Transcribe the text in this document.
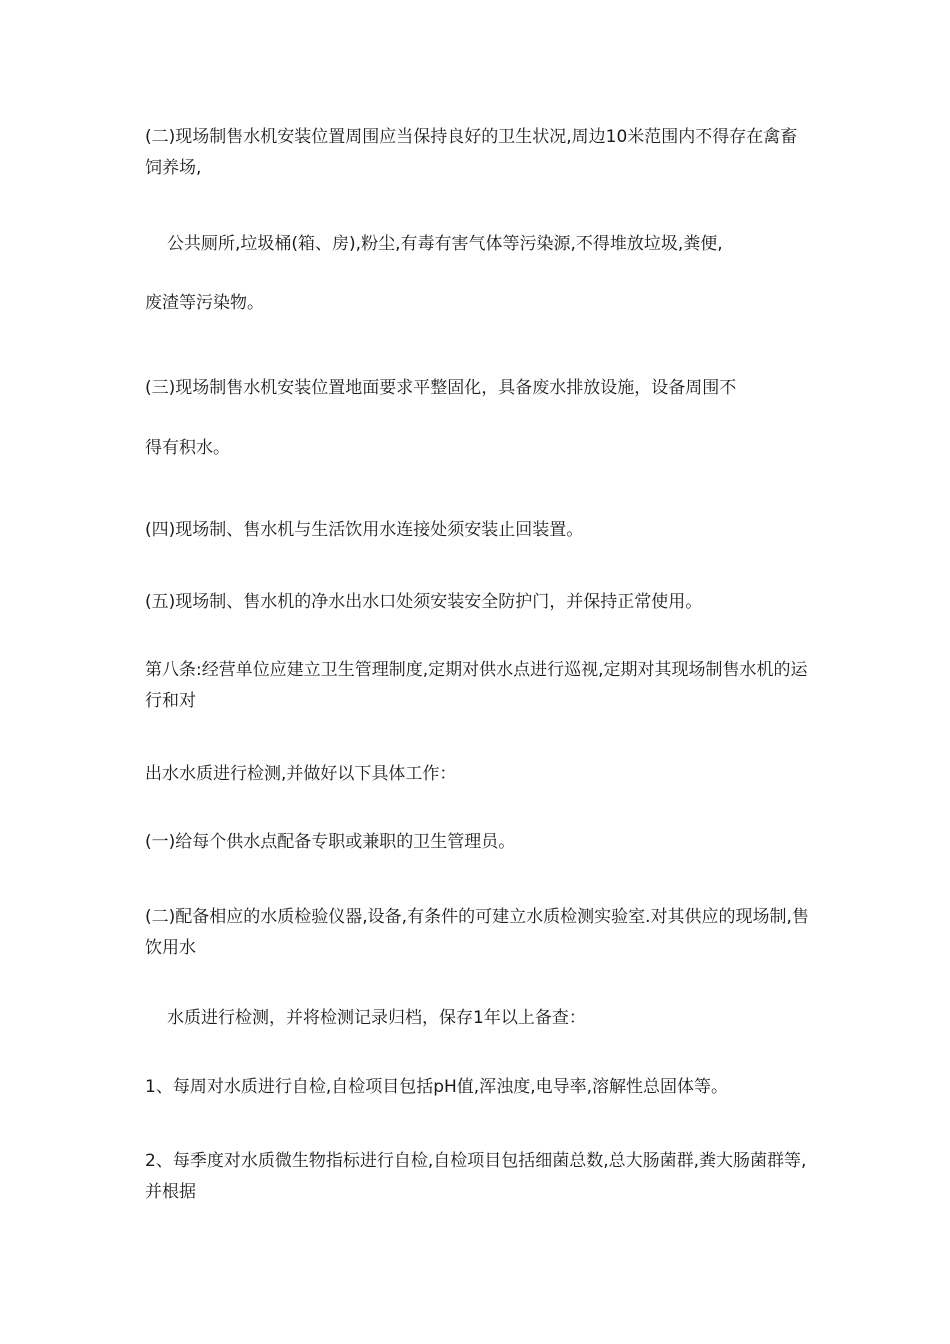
(二)现场制售水机安装位置周围应当保持良好的卫生状况,周边10米范围内不得存在禽畜饲养场,

公共厕所,垃圾桶(箱、房),粉尘,有毒有害气体等污染源,不得堆放垃圾,粪便,

废渣等污染物。

(三)现场制售水机安装位置地面要求平整固化，具备废水排放设施，设备周围不

得有积水。

(四)现场制、售水机与生活饮用水连接处须安装止回装置。

(五)现场制、售水机的净水出水口处须安装安全防护门，并保持正常使用。

第八条:经营单位应建立卫生管理制度,定期对供水点进行巡视,定期对其现场制售水机的运行和对

出水水质进行检测,并做好以下具体工作：

(一)给每个供水点配备专职或兼职的卫生管理员。

(二)配备相应的水质检验仪器,设备,有条件的可建立水质检测实验室.对其供应的现场制,售饮用水

水质进行检测，并将检测记录归档，保存1年以上备查：

1、每周对水质进行自检,自检项目包括pH值,浑浊度,电导率,溶解性总固体等。

2、每季度对水质微生物指标进行自检,自检项目包括细菌总数,总大肠菌群,粪大肠菌群等,并根据
